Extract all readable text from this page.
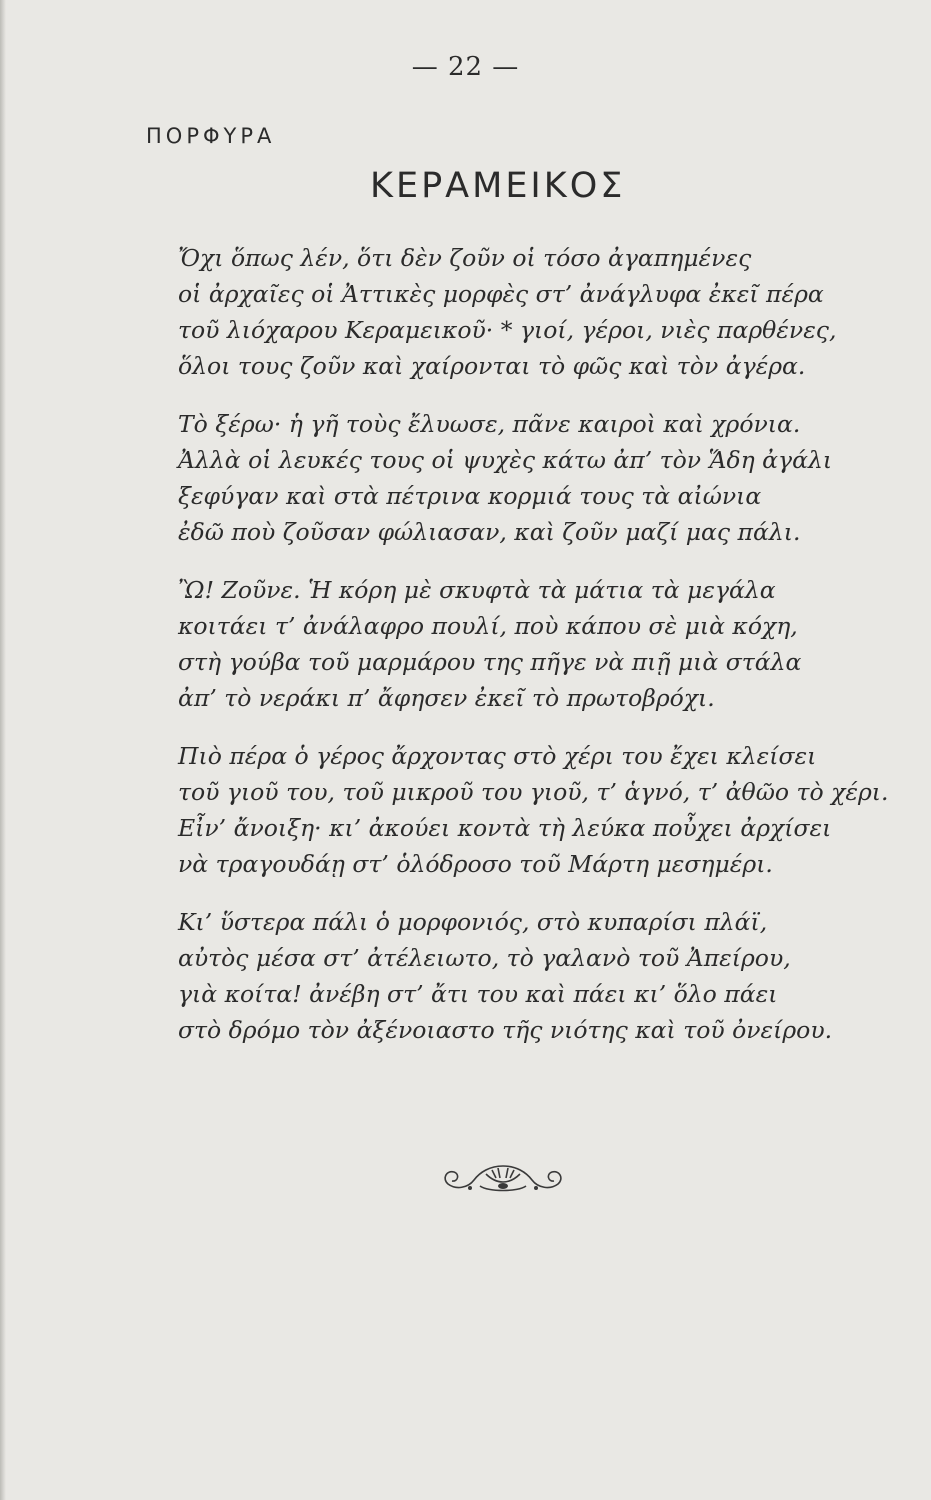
— 22 —
ΠΟΡΦΥΡΑ
ΚΕΡΑΜΕΙΚΟΣ
Ὄχι ὅπως λέν, ὅτι δὲν ζοῦν οἱ τόσο ἀγαπημένες
οἱ ἀρχαῖες οἱ Ἀττικὲς μορφὲς στ’ ἀνάγλυφα ἐκεῖ πέρα
τοῦ λιόχαρου Κεραμεικοῦ· * γιοί, γέροι, νιὲς παρθένες,
ὅλοι τους ζοῦν καὶ χαίρονται τὸ φῶς καὶ τὸν ἀγέρα.
Τὸ ξέρω· ἡ γῆ τοὺς ἔλυωσε, πᾶνε καιροὶ καὶ χρόνια.
Ἀλλὰ οἱ λευκές τους οἱ ψυχὲς κάτω ἀπ’ τὸν Ἅδη ἀγάλι
ξεφύγαν καὶ στὰ πέτρινα κορμιά τους τὰ αἰώνια
ἐδῶ ποὺ ζοῦσαν φώλιασαν, καὶ ζοῦν μαζί μας πάλι.
Ὢ! Ζοῦνε. Ἡ κόρη μὲ σκυφτὰ τὰ μάτια τὰ μεγάλα
κοιτάει τ’ ἀνάλαφρο πουλί, ποὺ κάπου σὲ μιὰ κόχη,
στὴ γούβα τοῦ μαρμάρου της πῆγε νὰ πιῇ μιὰ στάλα
ἀπ’ τὸ νεράκι π’ ἄφησεν ἐκεῖ τὸ πρωτοβρόχι.
Πιὸ πέρα ὁ γέρος ἄρχοντας στὸ χέρι του ἔχει κλείσει
τοῦ γιοῦ του, τοῦ μικροῦ του γιοῦ, τ’ ἁγνό, τ’ ἀθῶο τὸ χέρι.
Εἶν’ ἄνοιξη· κι’ ἀκούει κοντὰ τὴ λεύκα ποὖχει ἀρχίσει
νὰ τραγουδάῃ στ’ ὁλόδροσο τοῦ Μάρτη μεσημέρι.
Κι’ ὕστερα πάλι ὁ μορφονιός, στὸ κυπαρίσι πλάϊ,
αὐτὸς μέσα στ’ ἀτέλειωτο, τὸ γαλανὸ τοῦ Ἀπείρου,
γιὰ κοίτα! ἀνέβη στ’ ἄτι του καὶ πάει κι’ ὅλο πάει
στὸ δρόμο τὸν ἀξένοιαστο τῆς νιότης καὶ τοῦ ὀνείρου.
